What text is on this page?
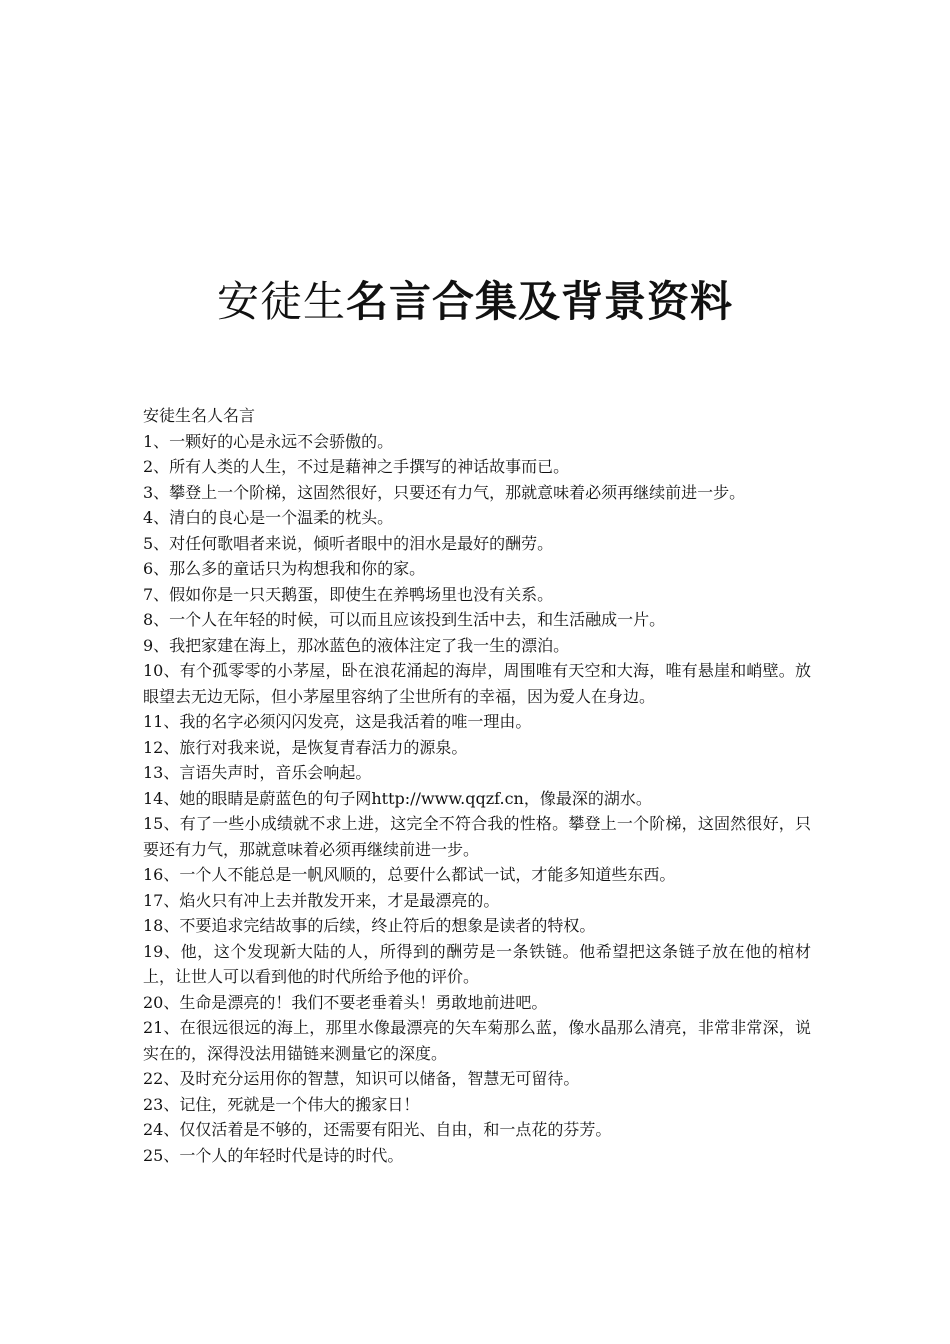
安徒生名言合集及背景资料
安徒生名人名言
1、一颗好的心是永远不会骄傲的。
2、所有人类的人生，不过是藉神之手撰写的神话故事而已。
3、攀登上一个阶梯，这固然很好，只要还有力气，那就意味着必须再继续前进一步。
4、清白的良心是一个温柔的枕头。
5、对任何歌唱者来说，倾听者眼中的泪水是最好的酬劳。
6、那么多的童话只为构想我和你的家。
7、假如你是一只天鹅蛋，即使生在养鸭场里也没有关系。
8、一个人在年轻的时候，可以而且应该投到生活中去，和生活融成一片。
9、我把家建在海上，那冰蓝色的液体注定了我一生的漂泊。
10、有个孤零零的小茅屋，卧在浪花涌起的海岸，周围唯有天空和大海，唯有悬崖和峭壁。放眼望去无边无际，但小茅屋里容纳了尘世所有的幸福，因为爱人在身边。
11、我的名字必须闪闪发亮，这是我活着的唯一理由。
12、旅行对我来说，是恢复青春活力的源泉。
13、言语失声时，音乐会响起。
14、她的眼睛是蔚蓝色的句子网http://www.qqzf.cn，像最深的湖水。
15、有了一些小成绩就不求上进，这完全不符合我的性格。攀登上一个阶梯，这固然很好，只要还有力气，那就意味着必须再继续前进一步。
16、一个人不能总是一帆风顺的，总要什么都试一试，才能多知道些东西。
17、焰火只有冲上去并散发开来，才是最漂亮的。
18、不要追求完结故事的后续，终止符后的想象是读者的特权。
19、他，这个发现新大陆的人，所得到的酬劳是一条铁链。他希望把这条链子放在他的棺材上，让世人可以看到他的时代所给予他的评价。
20、生命是漂亮的！我们不要老垂着头！勇敢地前进吧。
21、在很远很远的海上，那里水像最漂亮的矢车菊那么蓝，像水晶那么清亮，非常非常深，说实在的，深得没法用锚链来测量它的深度。
22、及时充分运用你的智慧，知识可以储备，智慧无可留待。
23、记住，死就是一个伟大的搬家日！
24、仅仅活着是不够的，还需要有阳光、自由，和一点花的芬芳。
25、一个人的年轻时代是诗的时代。
